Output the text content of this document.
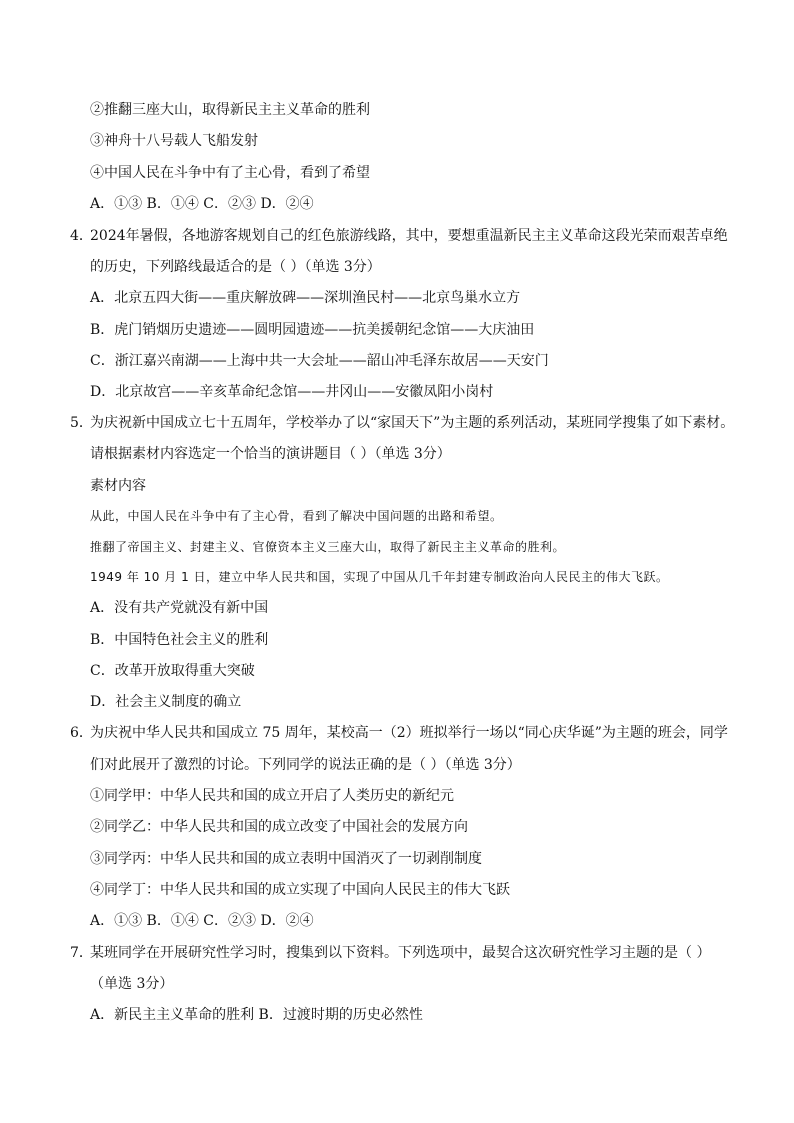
②推翻三座大山，取得新民主主义革命的胜利
③神舟十八号载人飞船发射
④中国人民在斗争中有了主心骨，看到了希望
A．①③ B．①④ C．②③ D．②④
4．2024年暑假，各地游客规划自己的红色旅游线路，其中，要想重温新民主主义革命这段光荣而艰苦卓绝
的历史，下列路线最适合的是（ ）（单选 3分）
A．北京五四大街——重庆解放碑——深圳渔民村——北京鸟巢水立方
B．虎门销烟历史遗迹——圆明园遗迹——抗美援朝纪念馆——大庆油田
C．浙江嘉兴南湖——上海中共一大会址——韶山冲毛泽东故居——天安门
D．北京故宫——辛亥革命纪念馆——井冈山——安徽凤阳小岗村
5．为庆祝新中国成立七十五周年，学校举办了以“家国天下”为主题的系列活动，某班同学搜集了如下素材。
请根据素材内容选定一个恰当的演讲题目（ ）（单选 3分）
素材内容
从此，中国人民在斗争中有了主心骨，看到了解决中国问题的出路和希望。
推翻了帝国主义、封建主义、官僚资本主义三座大山，取得了新民主主义革命的胜利。
1949 年 10 月 1 日，建立中华人民共和国，实现了中国从几千年封建专制政治向人民民主的伟大飞跃。
A．没有共产党就没有新中国
B．中国特色社会主义的胜利
C．改革开放取得重大突破
D．社会主义制度的确立
6．为庆祝中华人民共和国成立 75 周年，某校高一（2）班拟举行一场以“同心庆华诞”为主题的班会，同学
们对此展开了激烈的讨论。下列同学的说法正确的是（ ）（单选 3分）
①同学甲：中华人民共和国的成立开启了人类历史的新纪元
②同学乙：中华人民共和国的成立改变了中国社会的发展方向
③同学丙：中华人民共和国的成立表明中国消灭了一切剥削制度
④同学丁：中华人民共和国的成立实现了中国向人民民主的伟大飞跃
A．①③ B．①④ C．②③ D．②④
7．某班同学在开展研究性学习时，搜集到以下资料。下列选项中，最契合这次研究性学习主题的是（ ）
（单选 3分）
A．新民主主义革命的胜利 B．过渡时期的历史必然性
